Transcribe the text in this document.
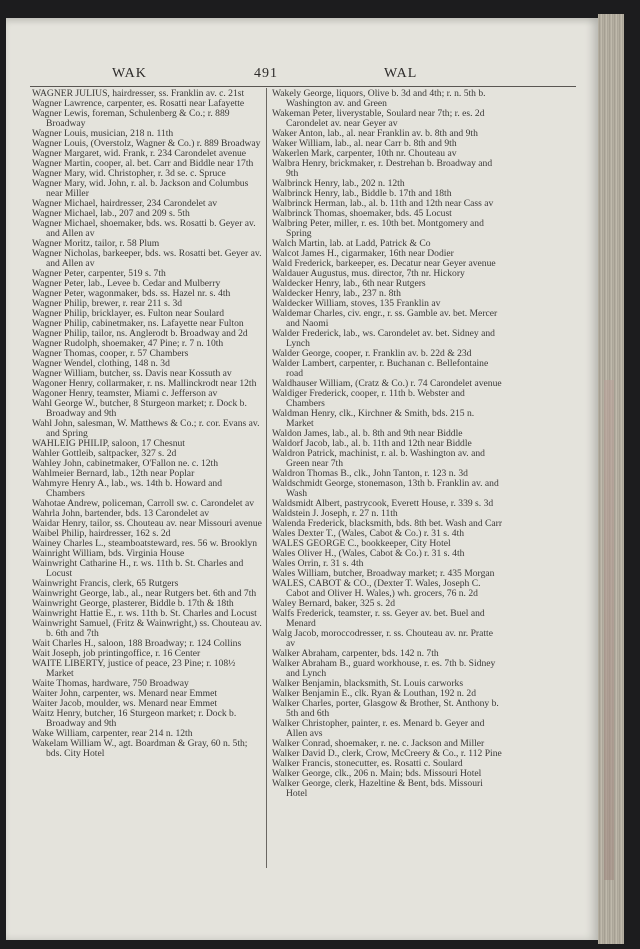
WAK	491	WAL
WAGNER JULIUS, hairdresser, ss. Franklin av. c. 21st
Wagner Lawrence, carpenter, es. Rosatti near Lafayette
Wagner Lewis, foreman, Schulenberg & Co.; r. 889 Broadway
Wagner Louis, musician, 218 n. 11th
Wagner Louis, (Overstolz, Wagner & Co.) r. 889 Broadway
Wagner Margaret, wid. Frank, r. 234 Carondelet avenue
Wagner Martin, cooper, al. bet. Carr and Biddle near 17th
Wagner Mary, wid. Christopher, r. 3d se. c. Spruce
Wagner Mary, wid. John, r. al. b. Jackson and Columbus near Miller
Wagner Michael, hairdresser, 234 Carondelet av
Wagner Michael, lab., 207 and 209 s. 5th
Wagner Michael, shoemaker, bds. ws. Rosatti b. Geyer av. and Allen av
Wagner Moritz, tailor, r. 58 Plum
Wagner Nicholas, barkeeper, bds. ws. Rosatti bet. Geyer av. and Allen av
Wagner Peter, carpenter, 519 s. 7th
Wagner Peter, lab., Levee b. Cedar and Mulberry
Wagner Peter, wagonmaker, bds. ss. Hazel nr. s. 4th
Wagner Philip, brewer, r. rear 211 s. 3d
Wagner Philip, bricklayer, es. Fulton near Soulard
Wagner Philip, cabinetmaker, ns. Lafayette near Fulton
Wagner Philip, tailor, ns. Anglerodt b. Broadway and 2d
Wagner Rudolph, shoemaker, 47 Pine; r. 7 n. 10th
Wagner Thomas, cooper, r. 57 Chambers
Wagner Wendel, clothing, 148 n. 3d
Wagner William, butcher, ss. Davis near Kossuth av
Wagoner Henry, collarmaker, r. ns. Mallinckrodt near 12th
Wagoner Henry, teamster, Miami c. Jefferson av
Wahl George W., butcher, 8 Sturgeon market; r. Dock b. Broadway and 9th
Wahl John, salesman, W. Matthews & Co.; r. cor. Evans av. and Spring
WAHLEIG PHILIP, saloon, 17 Chesnut
Wahler Gottleib, saltpacker, 327 s. 2d
Wahley John, cabinetmaker, O'Fallon ne. c. 12th
Wahlmeier Bernard, lab., 12th near Poplar
Wahmyre Henry A., lab., ws. 14th b. Howard and Chambers
Wahotae Andrew, policeman, Carroll sw. c. Carondelet av
Wahrla John, bartender, bds. 13 Carondelet av
Waidar Henry, tailor, ss. Chouteau av. near Missouri avenue
Waibel Philip, hairdresser, 162 s. 2d
Wainey Charles L., steamboatsteward, res. 56 w. Brooklyn
Wainright William, bds. Virginia House
Wainwright Catharine H., r. ws. 11th b. St. Charles and Locust
Wainwright Francis, clerk, 65 Rutgers
Wainwright George, lab., al., near Rutgers bet. 6th and 7th
Wainwright George, plasterer, Biddle b. 17th & 18th
Wainwright Hattie E., r. ws. 11th b. St. Charles and Locust
Wainwright Samuel, (Fritz & Wainwright,) ss. Chouteau av. b. 6th and 7th
Wait Charles H., saloon, 188 Broadway; r. 124 Collins
Wait Joseph, job printingoffice, r. 16 Center
WAITE LIBERTY, justice of peace, 23 Pine; r. 108½ Market
Waite Thomas, hardware, 750 Broadway
Waiter John, carpenter, ws. Menard near Emmet
Waiter Jacob, moulder, ws. Menard near Emmet
Waitz Henry, butcher, 16 Sturgeon market; r. Dock b. Broadway and 9th
Wake William, carpenter, rear 214 n. 12th
Wakelam William W., agt. Boardman & Gray, 60 n. 5th; bds. City Hotel
Wakely George, liquors, Olive b. 3d and 4th; r. n. 5th b. Washington av. and Green
Wakeman Peter, liverystable, Soulard near 7th; r. es. 2d Carondelet av. near Geyer av
Waker Anton, lab., al. near Franklin av. b. 8th and 9th
Waker William, lab., al. near Carr b. 8th and 9th
Wakerlen Mark, carpenter, 10th nr. Chouteau av
Walbra Henry, brickmaker, r. Destrehan b. Broadway and 9th
Walbrinck Henry, lab., 202 n. 12th
Walbrinck Henry, lab., Biddle b. 17th and 18th
Walbrinck Herman, lab., al. b. 11th and 12th near Cass av
Walbrinck Thomas, shoemaker, bds. 45 Locust
Walbring Peter, miller, r. es. 10th bet. Montgomery and Spring
Walch Martin, lab. at Ladd, Patrick & Co
Walcot James H., cigarmaker, 16th near Dodier
Wald Frederick, barkeeper, es. Decatur near Geyer avenue
Waldauer Augustus, mus. director, 7th nr. Hickory
Waldecker Henry, lab., 6th near Rutgers
Waldecker Henry, lab., 237 n. 8th
Waldecker William, stoves, 135 Franklin av
Waldemar Charles, civ. engr., r. ss. Gamble av. bet. Mercer and Naomi
Walder Frederick, lab., ws. Carondelet av. bet. Sidney and Lynch
Walder George, cooper, r. Franklin av. b. 22d & 23d
Walder Lambert, carpenter, r. Buchanan c. Bellefontaine road
Waldhauser William, (Cratz & Co.) r. 74 Carondelet avenue
Waldiger Frederick, cooper, r. 11th b. Webster and Chambers
Waldman Henry, clk., Kirchner & Smith, bds. 215 n. Market
Waldon James, lab., al. b. 8th and 9th near Biddle
Waldorf Jacob, lab., al. b. 11th and 12th near Biddle
Waldron Patrick, machinist, r. al. b. Washington av. and Green near 7th
Waldron Thomas B., clk., John Tanton, r. 123 n. 3d
Waldschmidt George, stonemason, 13th b. Franklin av. and Wash
Waldsmidt Albert, pastrycook, Everett House, r. 339 s. 3d
Waldstein J. Joseph, r. 27 n. 11th
Walenda Frederick, blacksmith, bds. 8th bet. Wash and Carr
Wales Dexter T., (Wales, Cabot & Co.) r. 31 s. 4th
WALES GEORGE C., bookkeeper, City Hotel
Wales Oliver H., (Wales, Cabot & Co.) r. 31 s. 4th
Wales Orrin, r. 31 s. 4th
Wales William, butcher, Broadway market; r. 435 Morgan
WALES, CABOT & CO., (Dexter T. Wales, Joseph C. Cabot and Oliver H. Wales,) wh. grocers, 76 n. 2d
Waley Bernard, baker, 325 s. 2d
Walfs Frederick, teamster, r. ss. Geyer av. bet. Buel and Menard
Walg Jacob, moroccodresser, r. ss. Chouteau av. nr. Pratte av
Walker Abraham, carpenter, bds. 142 n. 7th
Walker Abraham B., guard workhouse, r. es. 7th b. Sidney and Lynch
Walker Benjamin, blacksmith, St. Louis carworks
Walker Benjamin E., clk. Ryan & Louthan, 192 n. 2d
Walker Charles, porter, Glasgow & Brother, St. Anthony b. 5th and 6th
Walker Christopher, painter, r. es. Menard b. Geyer and Allen avs
Walker Conrad, shoemaker, r. ne. c. Jackson and Miller
Walker David D., clerk, Crow, McCreery & Co., r. 112 Pine
Walker Francis, stonecutter, es. Rosatti c. Soulard
Walker George, clk., 206 n. Main; bds. Missouri Hotel
Walker George, clerk, Hazeltine & Bent, bds. Missouri Hotel
